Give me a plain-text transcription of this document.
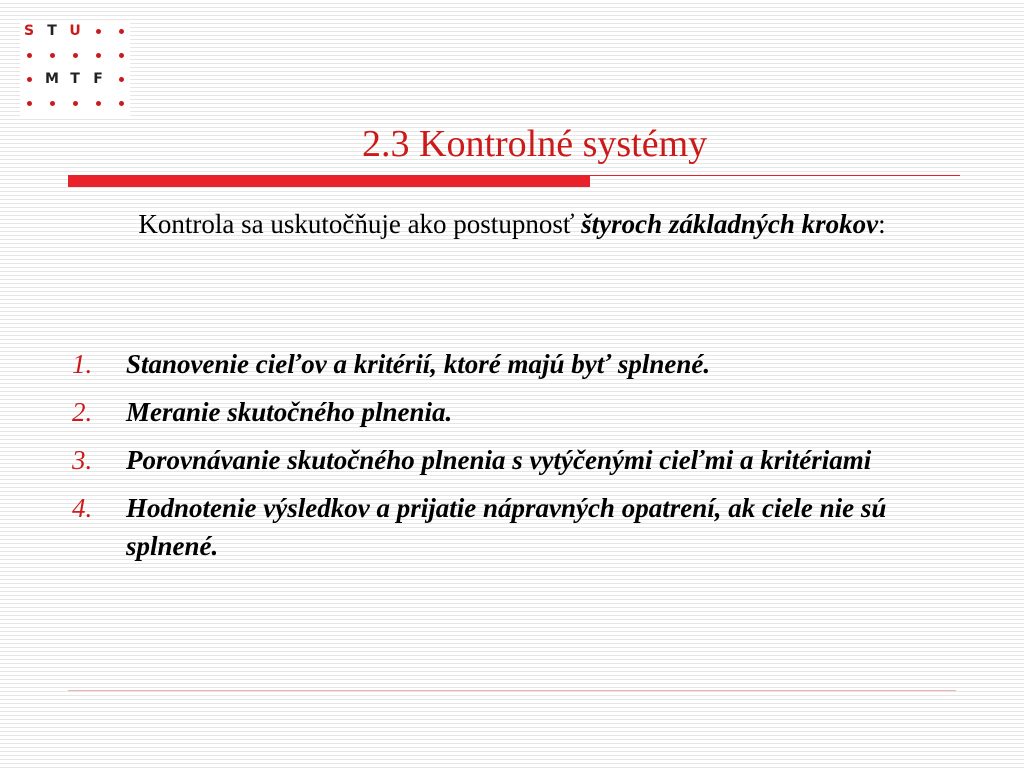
S T U
M T F
2.3 Kontrolné systémy

Kontrola sa uskutočňuje ako postupnosť štyroch základných krokov:

1. Stanovenie cieľov a kritérií, ktoré majú byť splnené.
2. Meranie skutočného plnenia.
3. Porovnávanie skutočného plnenia s vytýčenými cieľmi a kritériami
4. Hodnotenie výsledkov a prijatie nápravných opatrení, ak ciele nie sú splnené.
